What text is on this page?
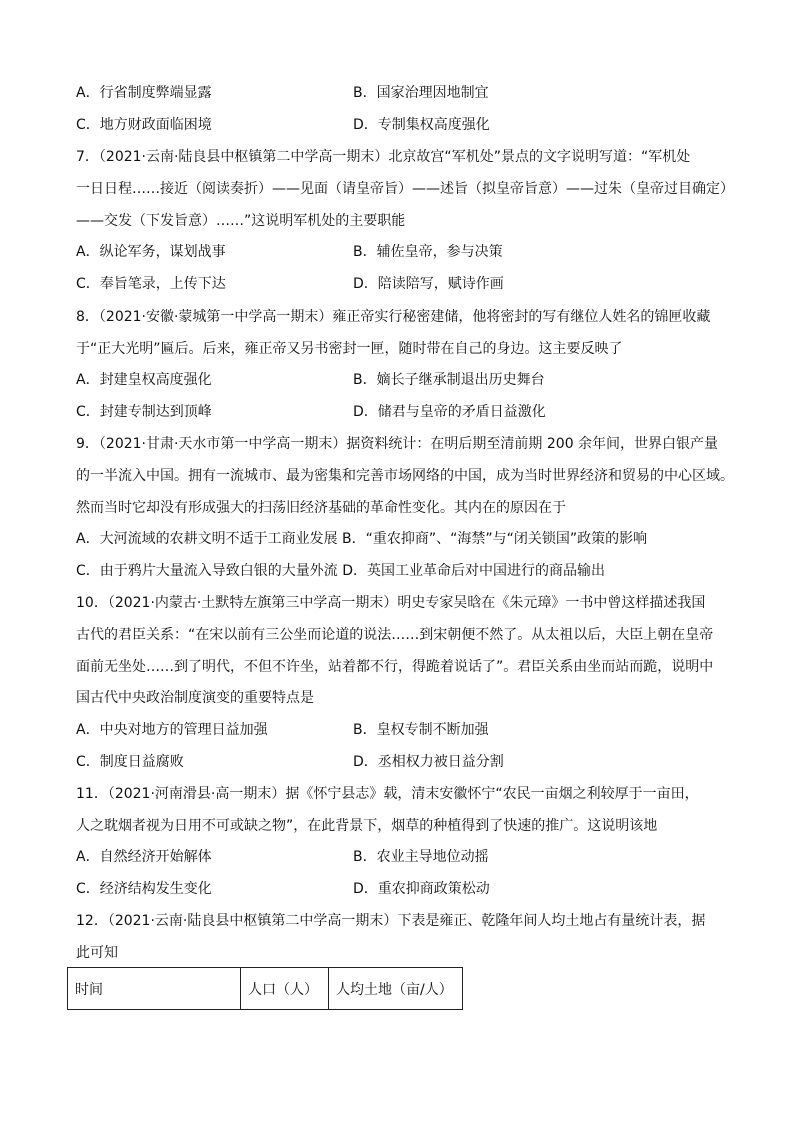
A．行省制度弊端显露	B．国家治理因地制宜
C．地方财政面临困境	D．专制集权高度强化
7．（2021·云南·陆良县中枢镇第二中学高一期末）北京故宫“军机处”景点的文字说明写道：“军机处
一日日程……接近（阅读奏折）——见面（请皇帝旨）——述旨（拟皇帝旨意）——过朱（皇帝过目确定）
——交发（下发旨意）……”这说明军机处的主要职能
A．纵论军务，谋划战事	B．辅佐皇帝，参与决策
C．奉旨笔录，上传下达	D．陪读陪写，赋诗作画
8．（2021·安徽·蒙城第一中学高一期末）雍正帝实行秘密建储，他将密封的写有继位人姓名的锦匣收藏
于“正大光明”匾后。后来，雍正帝又另书密封一匣，随时带在自己的身边。这主要反映了
A．封建皇权高度强化	B．嫡长子继承制退出历史舞台
C．封建专制达到顶峰	D．储君与皇帝的矛盾日益激化
9．（2021·甘肃·天水市第一中学高一期末）据资料统计：在明后期至清前期 200 余年间，世界白银产量
的一半流入中国。拥有一流城市、最为密集和完善市场网络的中国，成为当时世界经济和贸易的中心区域。
然而当时它却没有形成强大的扫荡旧经济基础的革命性变化。其内在的原因在于
A．大河流域的农耕文明不适于工商业发展 B．“重农抑商”、“海禁”与“闭关锁国”政策的影响
C．由于鸦片大量流入导致白银的大量外流 D．英国工业革命后对中国进行的商品输出
10．（2021·内蒙古·土默特左旗第三中学高一期末）明史专家吴晗在《朱元璋》一书中曾这样描述我国
古代的君臣关系：“在宋以前有三公坐而论道的说法……到宋朝便不然了。从太祖以后，大臣上朝在皇帝
面前无坐处……到了明代，不但不许坐，站着都不行，得跪着说话了”。君臣关系由坐而站而跪，说明中
国古代中央政治制度演变的重要特点是
A．中央对地方的管理日益加强	B．皇权专制不断加强
C．制度日益腐败	D．丞相权力被日益分割
11．（2021·河南滑县·高一期末）据《怀宁县志》载，清末安徽怀宁“农民一亩烟之利较厚于一亩田，
人之耽烟者视为日用不可或缺之物”，在此背景下，烟草的种植得到了快速的推广。这说明该地
A．自然经济开始解体	B．农业主导地位动摇
C．经济结构发生变化	D．重农抑商政策松动
12．（2021·云南·陆良县中枢镇第二中学高一期末）下表是雍正、乾隆年间人均土地占有量统计表，据
此可知
时间	人口（人）	人均土地（亩/人）
